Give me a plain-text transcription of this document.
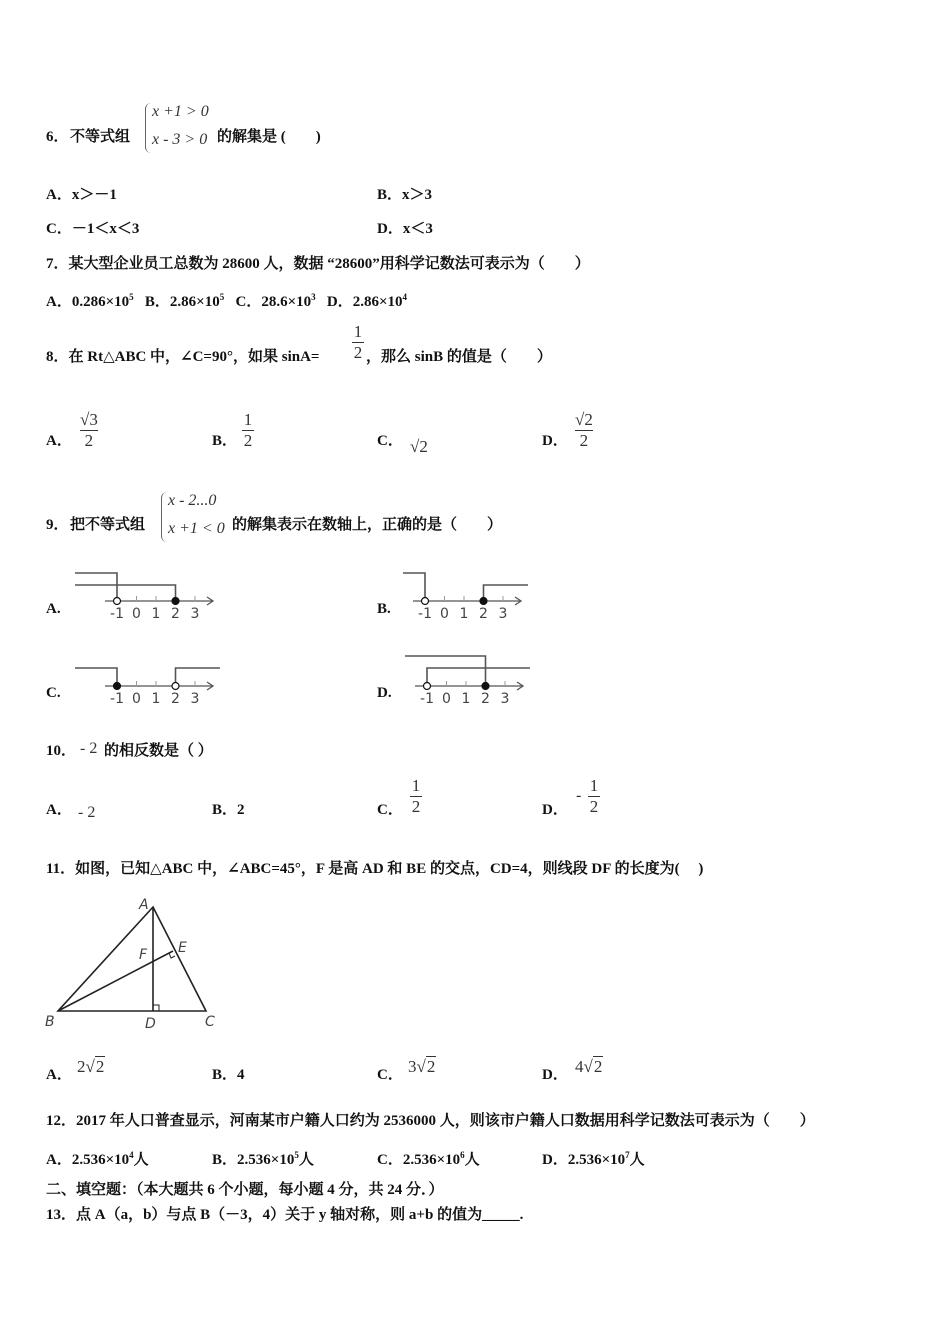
6． 不等式组
x +1 > 0
x - 3 > 0 的解集是 (　　)
A．x＞－1	B．x＞3
C．－1＜x＜3	D．x＜3
7．某大型企业员工总数为 28600 人，数据 “28600”用科学记数法可表示为（　　）
A．$0.286\times 10^5$ B．$2.86\times 10^5$ C．$28.6\times 10^3$ D．$2.86\times 10^4$
8．在 Rt△ABC 中，∠C=90°，如果 sinA=
1
2 ，那么 sinB 的值是（　　）
A．
√3
2	B．
1
2	C． √2	D．
√2
2
9． 把不等式组
x - 2...0
x +1 < 0 的解集表示在数轴上，正确的是（　　）
A.	-1 0 1 2 3	B. -1 0 1 2 3
C.	-1 0 1 2 3	D. -1 0 1 2 3
10． - 2 的相反数是（ ）
A． - 2	B．2	C．
1
2	D．
-
1
2
11．如图，已知△ABC 中，∠ABC=45°，F 是高 AD 和 BE 的交点，CD=4，则线段 DF 的长度为(　 )
A
B	C
D
E
F
A． 2√2	B．4	C． 3√2	D． 4√2
12．2017 年人口普查显示，河南某市户籍人口约为 2536000 人，则该市户籍人口数据用科学记数法可表示为（　　）
A．$2.536\times 10^4$人	B．$2.536\times 10^5$人	C．$2.536\times 10^6$人	D．$2.536\times 10^7$人
二、填空题：（本大题共 6 个小题，每小题 4 分，共 24 分．）
13．点 A（a，b）与点 B（－3，4）关于 y 轴对称，则 a+b 的值为_____.
